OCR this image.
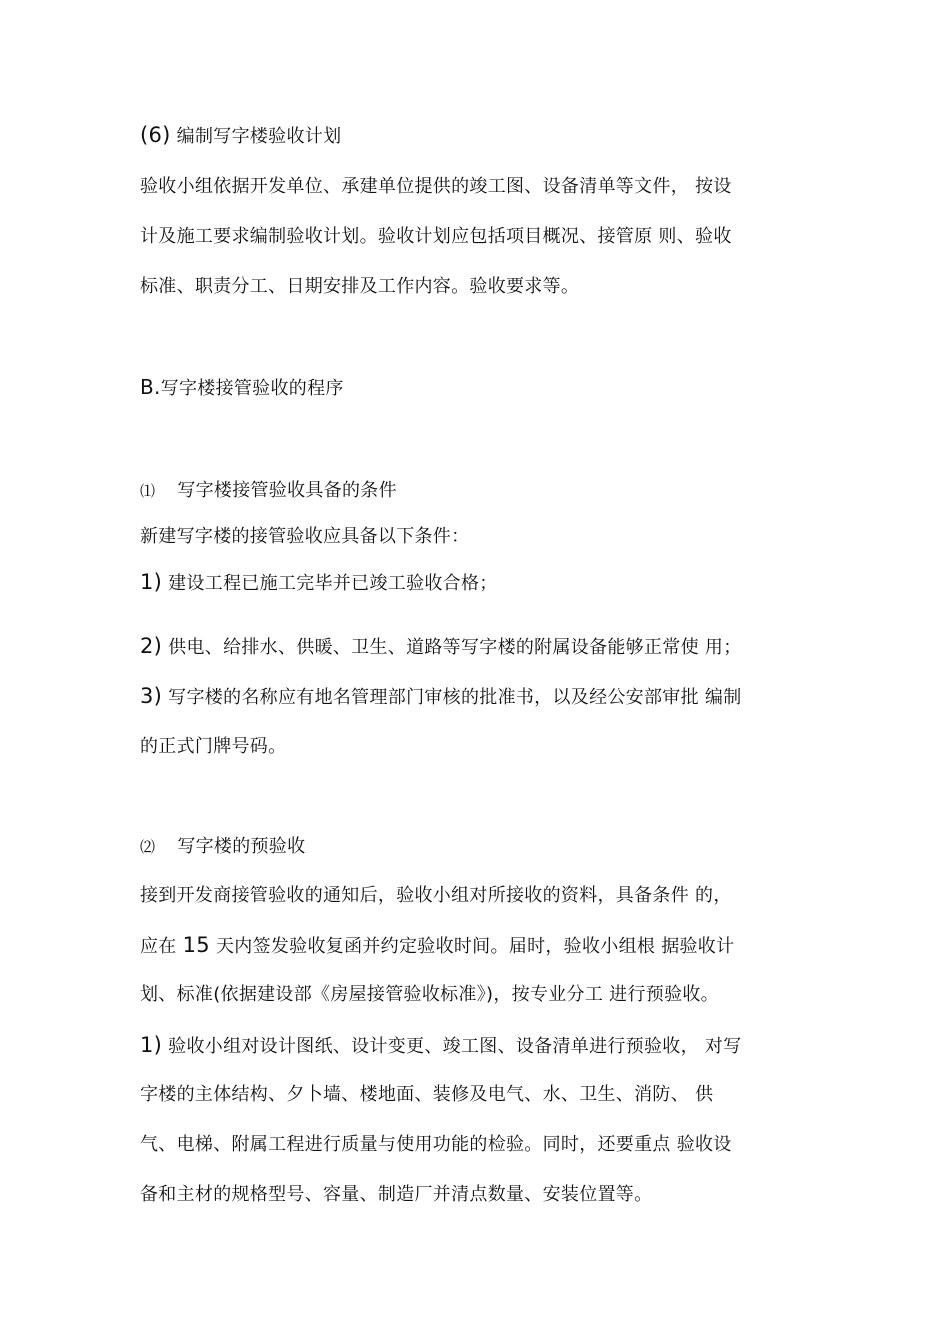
(6) 编制写字楼验收计划
验收小组依据开发单位、承建单位提供的竣工图、设备清单等文件， 按设
计及施工要求编制验收计划。验收计划应包括项目概况、接管原 则、验收
标准、职责分工、日期安排及工作内容。验收要求等。
B.写字楼接管验收的程序
⑴ 写字楼接管验收具备的条件
新建写字楼的接管验收应具备以下条件：
1) 建设工程已施工完毕并已竣工验收合格；
2) 供电、给排水、供暖、卫生、道路等写字楼的附属设备能够正常使 用；
3) 写字楼的名称应有地名管理部门审核的批准书，以及经公安部审批 编制
的正式门牌号码。
⑵ 写字楼的预验收
接到开发商接管验收的通知后，验收小组对所接收的资料，具备条件 的，
应在 15 天内签发验收复函并约定验收时间。届时，验收小组根 据验收计
划、标准(依据建设部《房屋接管验收标准》)，按专业分工 进行预验收。
1) 验收小组对设计图纸、设计变更、竣工图、设备清单进行预验收， 对写
字楼的主体结构、夕卜墙、楼地面、装修及电气、水、卫生、消防、 供
气、电梯、附属工程进行质量与使用功能的检验。同时，还要重点 验收设
备和主材的规格型号、容量、制造厂并清点数量、安装位置等。
